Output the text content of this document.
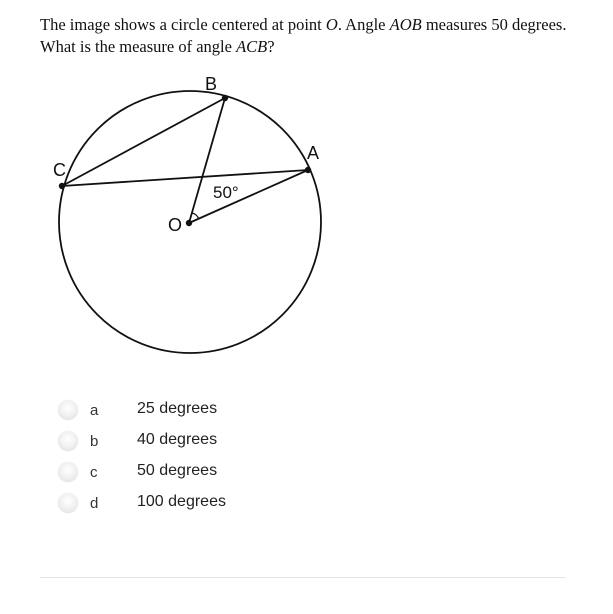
The image shows a circle centered at point O. Angle AOB measures 50 degrees.
What is the measure of angle ACB?
B
A
C
O
50°
a 25 degrees
b 40 degrees
c 50 degrees
d 100 degrees
